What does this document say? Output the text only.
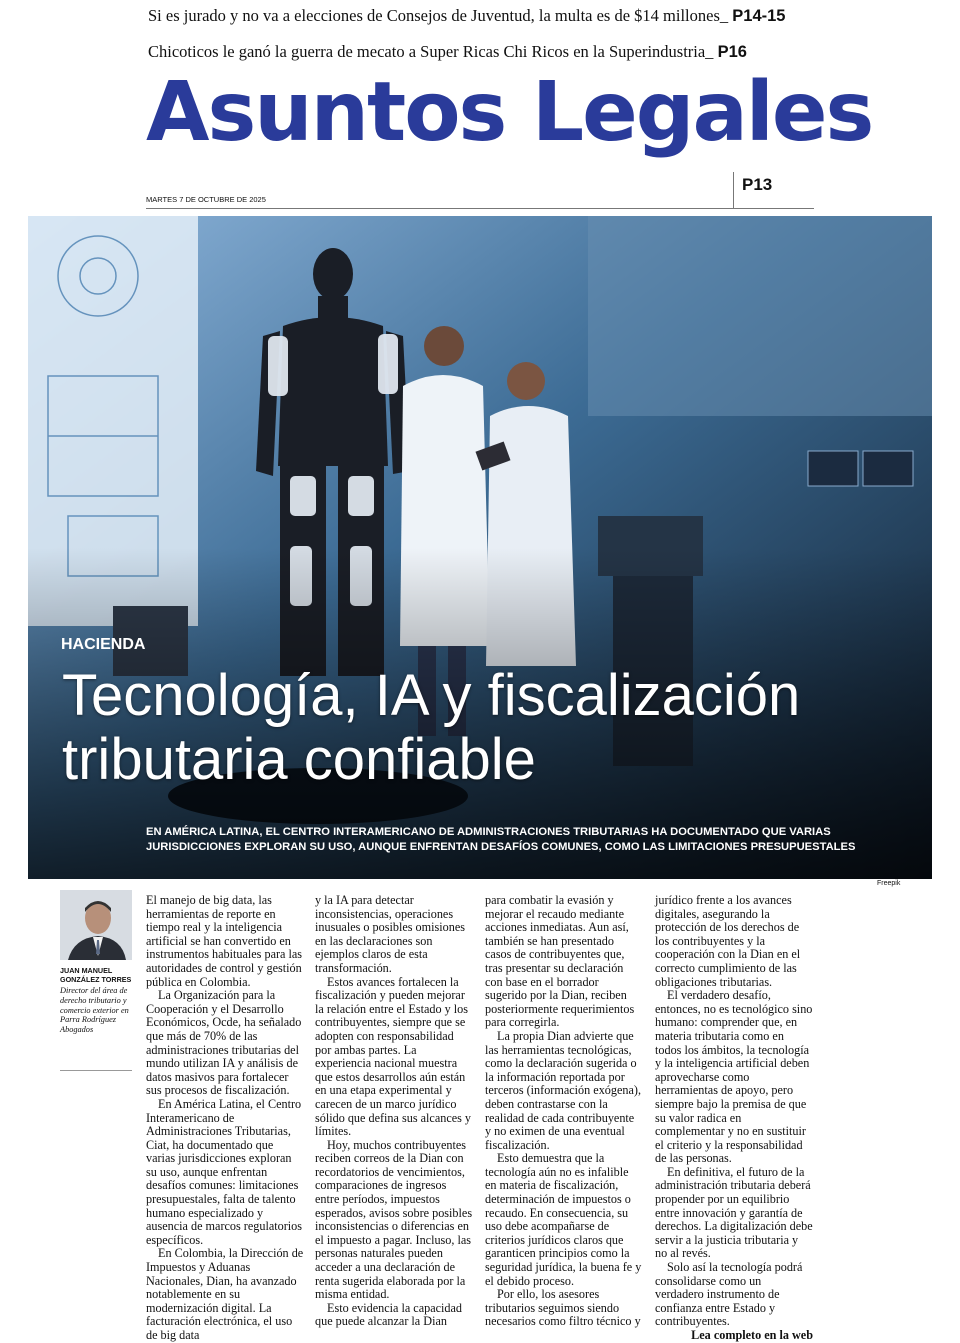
Si es jurado y no va a elecciones de Consejos de Juventud, la multa es de $14 millones_ P14-15
Chicoticos le ganó la guerra de mecato a Super Ricas Chi Ricos en la Superindustria_ P16
Asuntos Legales
MARTES 7 DE OCTUBRE DE 2025
P13
HACIENDA
Tecnología, IA y fiscalización tributaria confiable
EN AMÉRICA LATINA, EL CENTRO INTERAMERICANO DE ADMINISTRACIONES TRIBUTARIAS HA DOCUMENTADO QUE VARIAS JURISDICCIONES EXPLORAN SU USO, AUNQUE ENFRENTAN DESAFÍOS COMUNES, COMO LAS LIMITACIONES PRESUPUESTALES
Freepik
JUAN MANUEL GONZÁLEZ TORRES
Director del área de derecho tributario y comercio exterior en Parra Rodríguez Abogados

El manejo de big data, las herramientas de reporte en tiempo real y la inteligencia artificial se han convertido en instrumentos habituales para las autoridades de control y gestión pública en Colombia.

La Organización para la Cooperación y el Desarrollo Económicos, Ocde, ha señalado que más de 70% de las administraciones tributarias del mundo utilizan IA y análisis de datos masivos para fortalecer sus procesos de fiscalización.

En América Latina, el Centro Interamericano de Administraciones Tributarias, Ciat, ha documentado que varias jurisdicciones exploran su uso, aunque enfrentan desafíos comunes: limitaciones presupuestales, falta de talento humano especializado y ausencia de marcos regulatorios específicos.

En Colombia, la Dirección de Impuestos y Aduanas Nacionales, Dian, ha avanzado notablemente en su modernización digital. La facturación electrónica, el uso de big data

y la IA para detectar inconsistencias, operaciones inusuales o posibles omisiones en las declaraciones son ejemplos claros de esta transformación.

Estos avances fortalecen la fiscalización y pueden mejorar la relación entre el Estado y los contribuyentes, siempre que se adopten con responsabilidad por ambas partes. La experiencia nacional muestra que estos desarrollos aún están en una etapa experimental y carecen de un marco jurídico sólido que defina sus alcances y límites.

Hoy, muchos contribuyentes reciben correos de la Dian con recordatorios de vencimientos, comparaciones de ingresos entre períodos, impuestos esperados, avisos sobre posibles inconsistencias o diferencias en el impuesto a pagar. Incluso, las personas naturales pueden acceder a una declaración de renta sugerida elaborada por la misma entidad.

Esto evidencia la capacidad que puede alcanzar la Dian

para combatir la evasión y mejorar el recaudo mediante acciones inmediatas. Aun así, también se han presentado casos de contribuyentes que, tras presentar su declaración con base en el borrador sugerido por la Dian, reciben posteriormente requerimientos para corregirla.

La propia Dian advierte que las herramientas tecnológicas, como la declaración sugerida o la información reportada por terceros (información exógena), deben contrastarse con la realidad de cada contribuyente y no eximen de una eventual fiscalización.

Esto demuestra que la tecnología aún no es infalible en materia de fiscalización, determinación de impuestos o recaudo. En consecuencia, su uso debe acompañarse de criterios jurídicos claros que garanticen principios como la seguridad jurídica, la buena fe y el debido proceso.

Por ello, los asesores tributarios seguimos siendo necesarios como filtro técnico y

jurídico frente a los avances digitales, asegurando la protección de los derechos de los contribuyentes y la cooperación con la Dian en el correcto cumplimiento de las obligaciones tributarias.

El verdadero desafío, entonces, no es tecnológico sino humano: comprender que, en materia tributaria como en todos los ámbitos, la tecnología y la inteligencia artificial deben aprovecharse como herramientas de apoyo, pero siempre bajo la premisa de que su valor radica en complementar y no en sustituir el criterio y la responsabilidad de las personas.

En definitiva, el futuro de la administración tributaria deberá propender por un equilibrio entre innovación y garantía de derechos. La digitalización debe servir a la justicia tributaria y no al revés.

Solo así la tecnología podrá consolidarse como un verdadero instrumento de confianza entre Estado y contribuyentes.

Lea completo en la web
